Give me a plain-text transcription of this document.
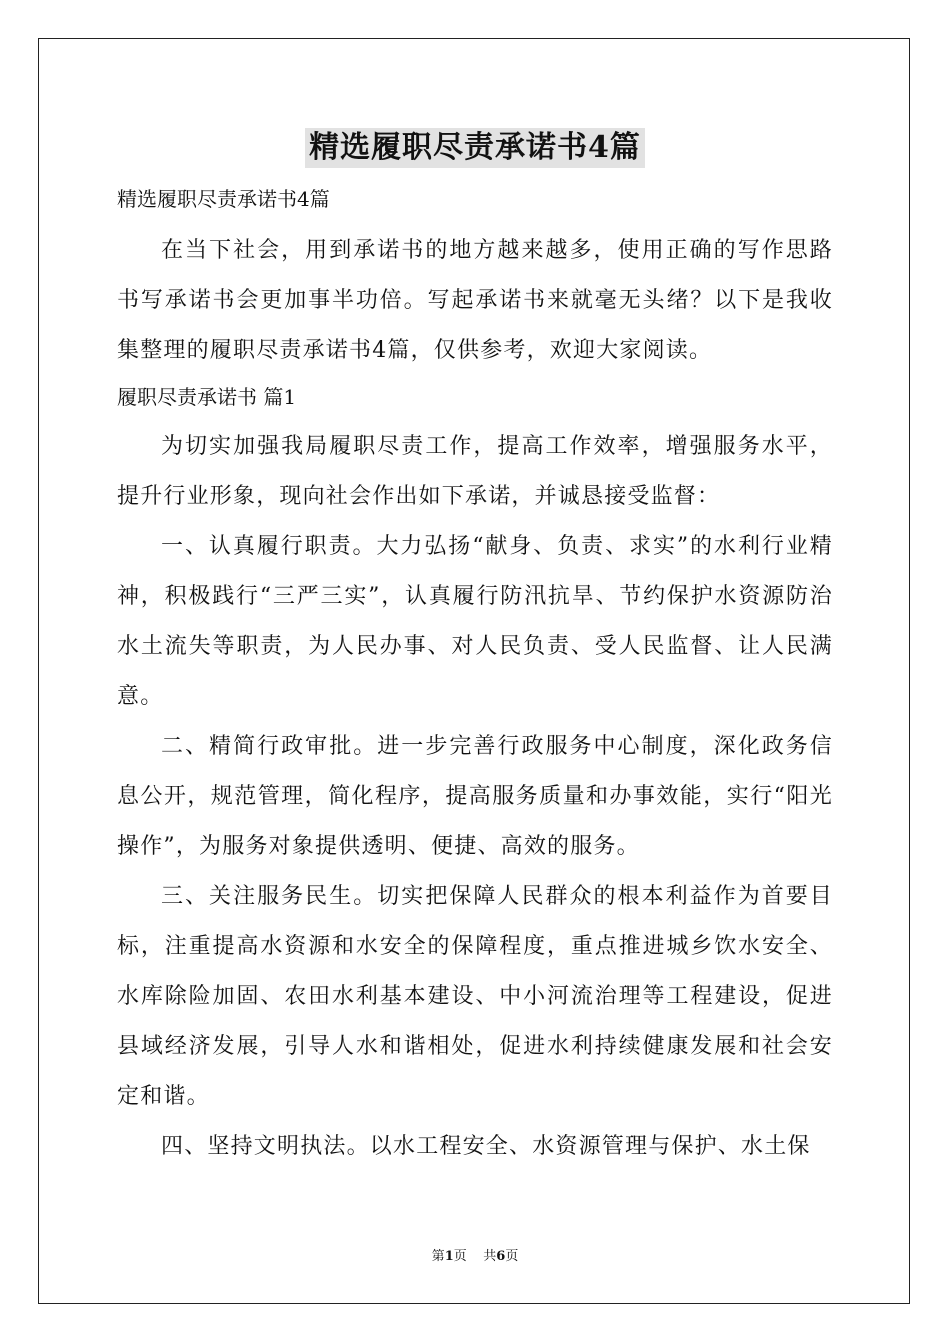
精选履职尽责承诺书4篇

精选履职尽责承诺书4篇

在当下社会，用到承诺书的地方越来越多，使用正确的写作思路书写承诺书会更加事半功倍。写起承诺书来就毫无头绪？以下是我收集整理的履职尽责承诺书4篇，仅供参考，欢迎大家阅读。

履职尽责承诺书 篇1

为切实加强我局履职尽责工作，提高工作效率，增强服务水平，提升行业形象，现向社会作出如下承诺，并诚恳接受监督：

一、认真履行职责。大力弘扬“献身、负责、求实”的水利行业精神，积极践行“三严三实”，认真履行防汛抗旱、节约保护水资源防治水土流失等职责，为人民办事、对人民负责、受人民监督、让人民满意。

二、精简行政审批。进一步完善行政服务中心制度，深化政务信息公开，规范管理，简化程序，提高服务质量和办事效能，实行“阳光操作”，为服务对象提供透明、便捷、高效的服务。

三、关注服务民生。切实把保障人民群众的根本利益作为首要目标，注重提高水资源和水安全的保障程度，重点推进城乡饮水安全、水库除险加固、农田水利基本建设、中小河流治理等工程建设，促进县域经济发展，引导人水和谐相处，促进水利持续健康发展和社会安定和谐。

四、坚持文明执法。以水工程安全、水资源管理与保护、水土保

第1页    共6页
